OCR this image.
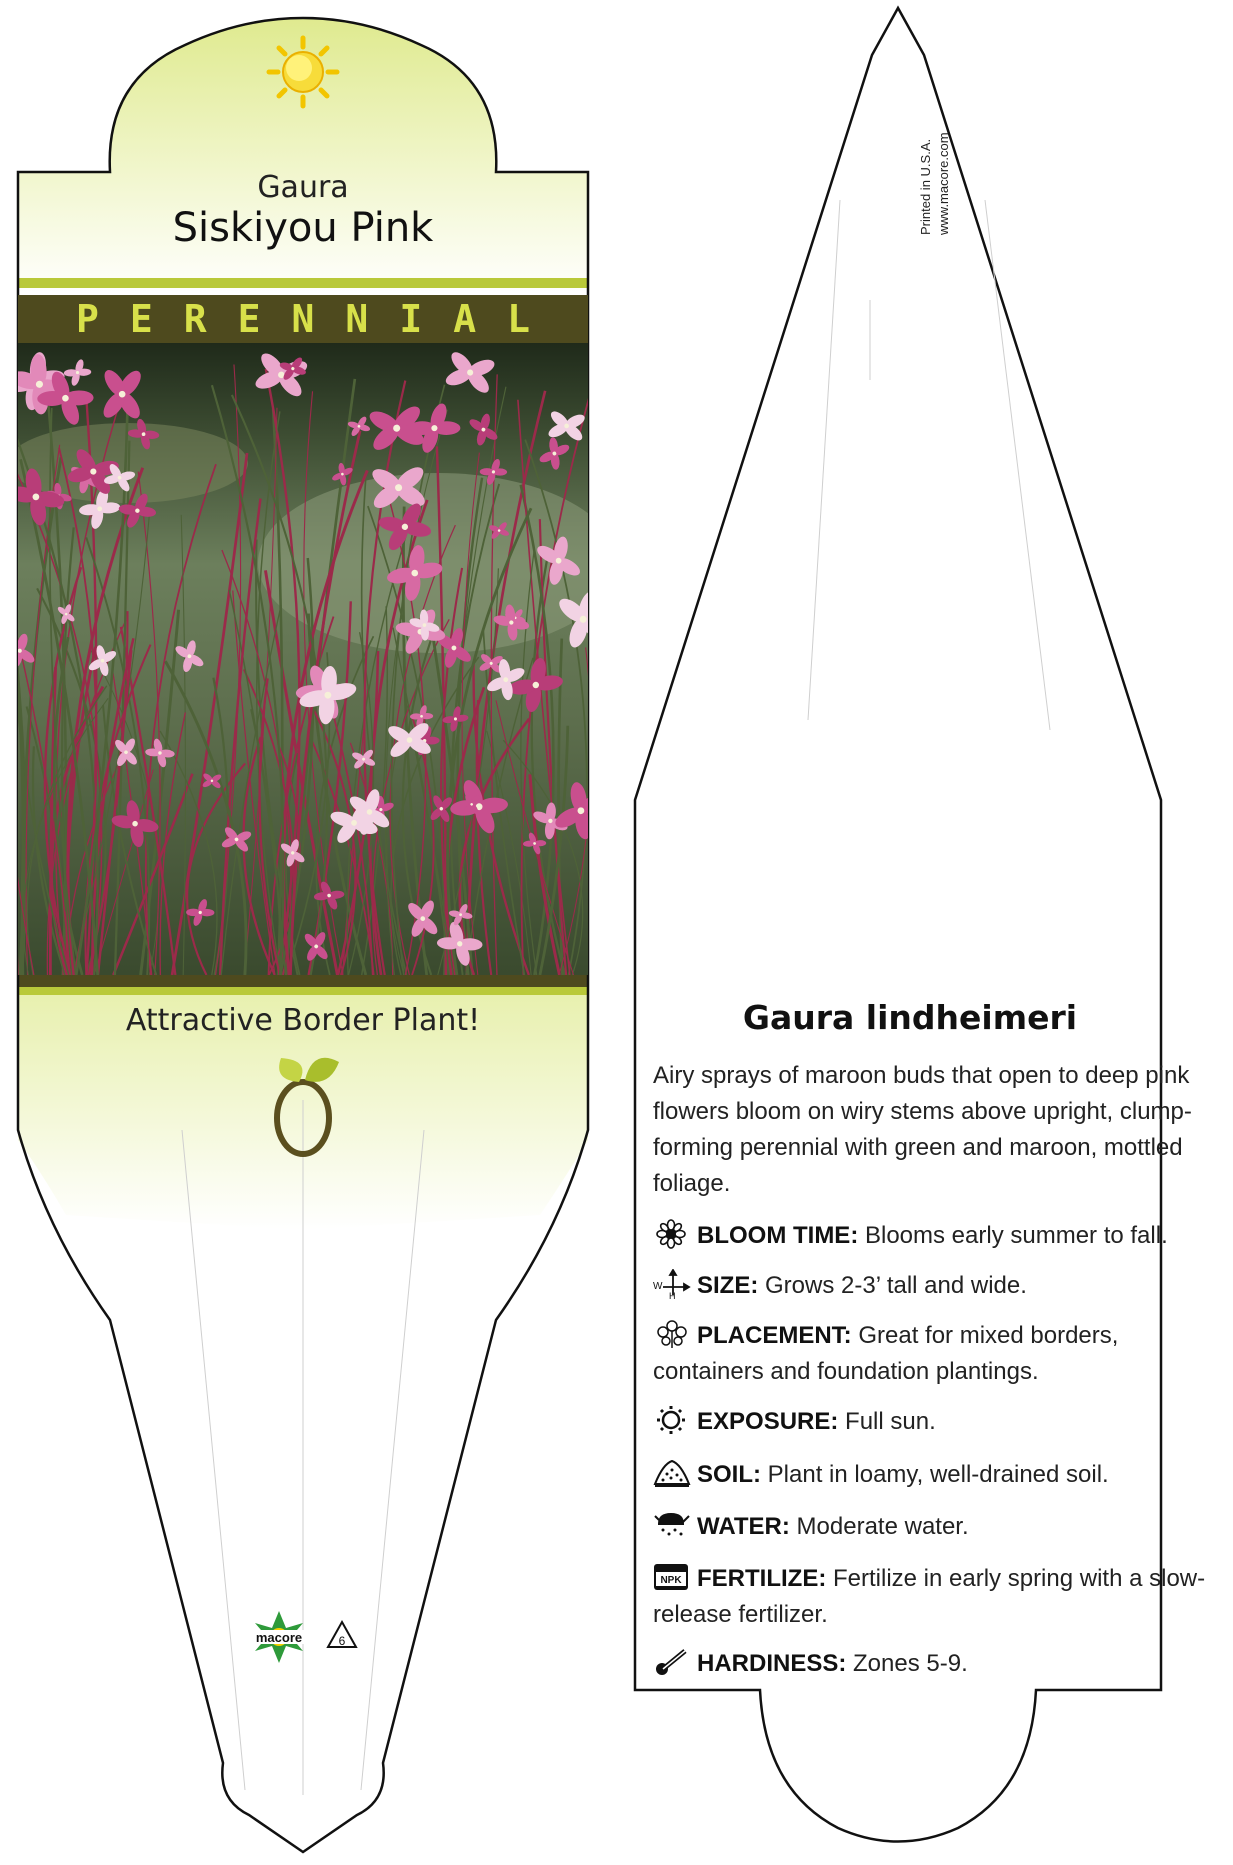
Gaura
Siskiyou Pink
PERENNIAL
Attractive Border Plant!
macore	6
Printed in U.S.A. www.macore.com
Gaura lindheimeri
Airy sprays of maroon buds that open to deep pink flowers bloom on wiry stems above upright, clump-forming perennial with green and maroon, mottled foliage.
BLOOM TIME: Blooms early summer to fall.
W
H SIZE: Grows 2-3’ tall and wide.
PLACEMENT: Great for mixed borders, containers and foundation plantings.
EXPOSURE: Full sun.
SOIL: Plant in loamy, well-drained soil.
WATER: Moderate water.
NPK FERTILIZE: Fertilize in early spring with a slow-release fertilizer.
HARDINESS: Zones 5-9.
